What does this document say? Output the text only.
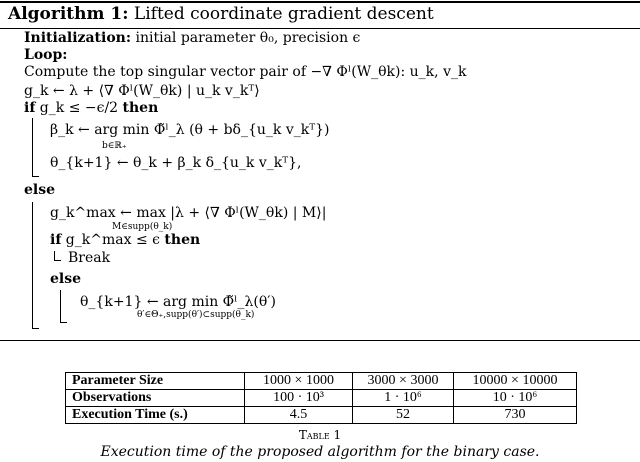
Algorithm 1: Lifted coordinate gradient descent
Initialization: initial parameter θ₀, precision ϵ
Loop:
Compute the top singular vector pair of −∇ Φˡ(W_θk): u_k, v_k
g_k ← λ + ⟨∇ Φˡ(W_θk) | u_k v_kᵀ⟩
if g_k ≤ −ϵ/2 then
β_k ← arg min Φ̃ˡ_λ (θ + bδ_{u_k v_kᵀ})
b∈ℝ₊
θ_{k+1} ← θ_k + β_k δ_{u_k v_kᵀ},
else
g_k^max ← max |λ + ⟨∇ Φˡ(W_θk) | M⟩|
M∈supp(θ_k)
if g_k^max ≤ ϵ then
Break
else
θ_{k+1} ← arg min Φ̃ˡ_λ(θ′)
θ′∈Θ₊,supp(θ′)⊂supp(θ_k)
Parameter Size	1000 × 1000	3000 × 3000	10000 × 10000
Observations	100 · 10³	1 · 10⁶	10 · 10⁶
Execution Time (s.)	4.5	52	730
Table 1
Execution time of the proposed algorithm for the binary case.
